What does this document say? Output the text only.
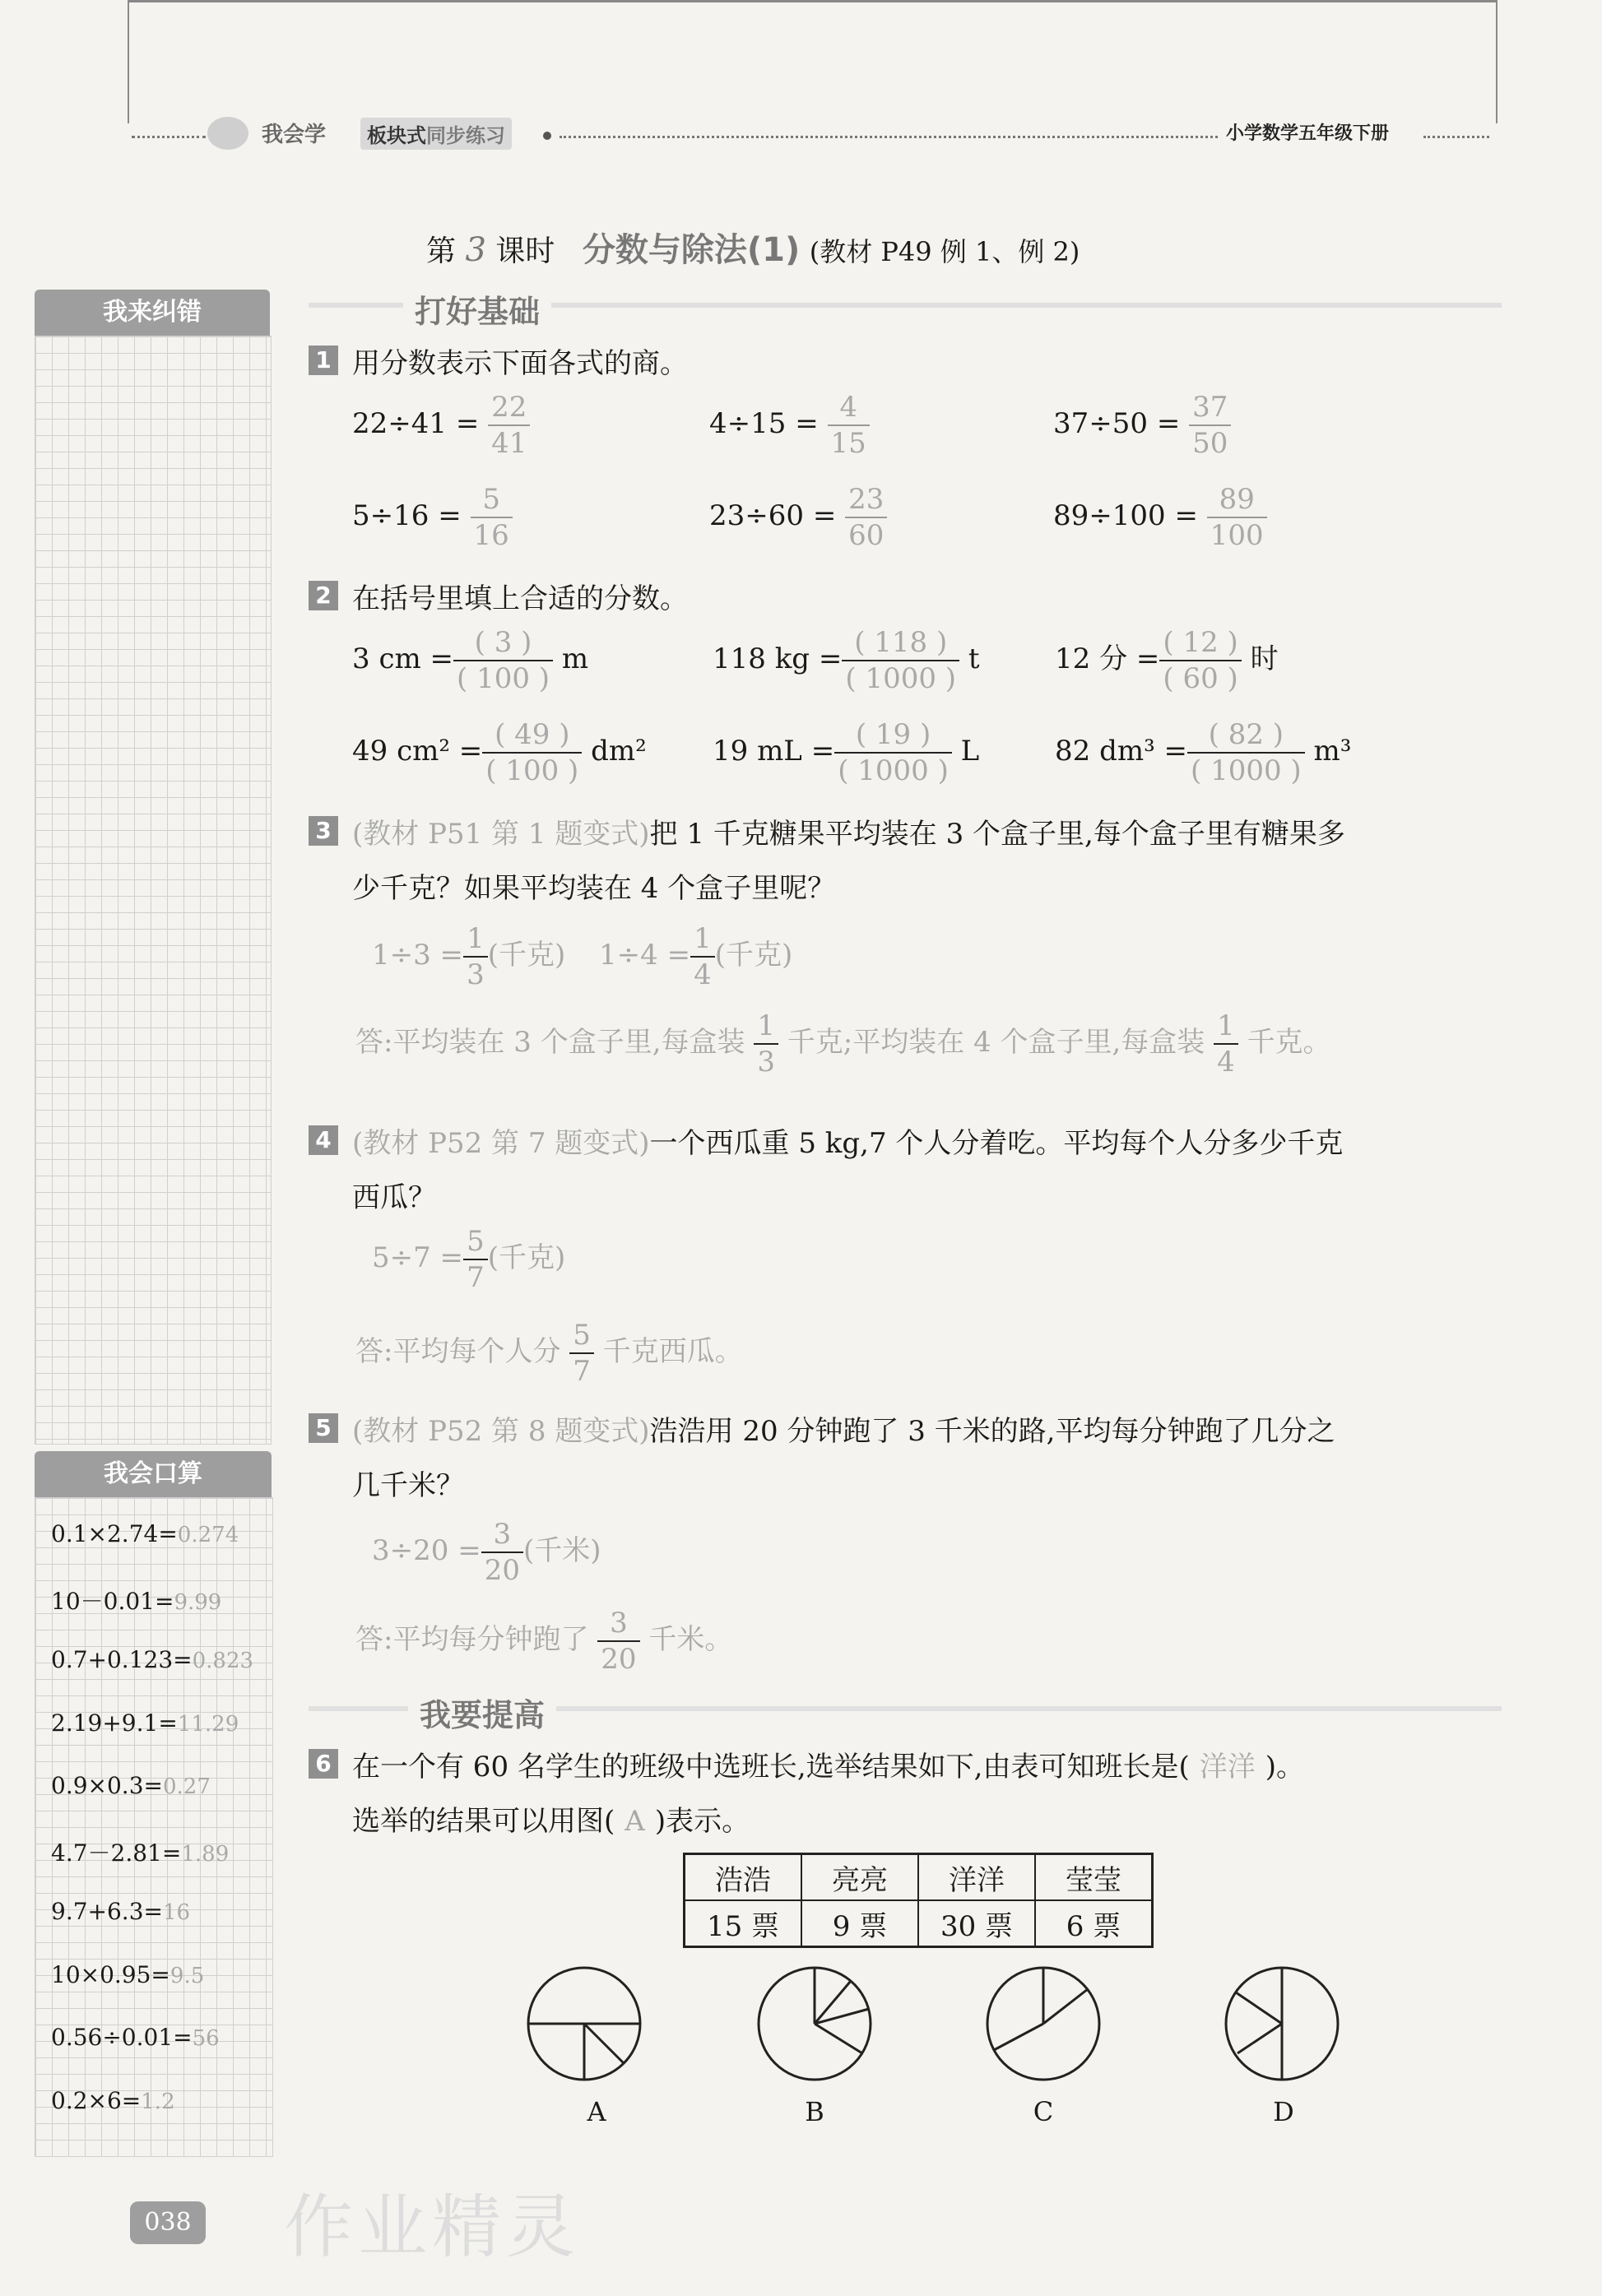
我会学	板块式同步练习	小学数学五年级下册
我来纠错
我会口算
0.1×2.74=0.274
10－0.01=9.99
0.7+0.123=0.823
2.19+9.1=11.29
0.9×0.3=0.27
4.7－2.81=1.89
9.7+6.3=16
10×0.95=9.5
0.56÷0.01=56
0.2×6=1.2
第 3 课时 分数与除法(1) (教材 P49 例 1、例 2)
打好基础
1 用分数表示下面各式的商。
$22\div 41 = \frac{22}{41}$	$4\div 15 = \frac{4}{15}$	$37\div 50 = \frac{37}{50}$
$5\div 16 = \frac{5}{16}$	$23\div 60 = \frac{23}{60}$	$89\div 100 = \frac{89}{100}$
2 在括号里填上合适的分数。
3 cm = $\frac{( 3 )}{( 100 )}$ m	118 kg = $\frac{( 118 )}{( 1000 )}$ t	12 分 = $\frac{( 12 )}{( 60 )}$ 时
49 $cm^2 = \frac{( 49 )}{( 100 )} dm^2$ 19 mL = $\frac{( 19 )}{( 1000 )}$ L	82 $dm^3 = \frac{( 82 )}{( 1000 )} m^3$
3 (教材 P51 第 1 题变式)把 1 千克糖果平均装在 3 个盒子里,每个盒子里有糖果多
少千克？如果平均装在 4 个盒子里呢？
$1\div 3 = \frac{1}{3}$ (千克) $1\div 4 = \frac{1}{4}$ (千克)
答:平均装在 3 个盒子里,每盒装 $\frac{1}{3}$ 千克;平均装在 4 个盒子里,每盒装 $\frac{1}{4}$ 千克。
4 (教材 P52 第 7 题变式)一个西瓜重 5 kg,7 个人分着吃。平均每个人分多少千克
西瓜？
$5\div 7 = \frac{5}{7}$ (千克)
答:平均每个人分 $\frac{5}{7}$ 千克西瓜。
5 (教材 P52 第 8 题变式)浩浩用 20 分钟跑了 3 千米的路,平均每分钟跑了几分之
几千米？
$3\div 20 = \frac{3}{20}$ (千米)
答:平均每分钟跑了 $\frac{3}{20}$ 千米。
我要提高
6 在一个有 60 名学生的班级中选班长,选举结果如下,由表可知班长是( 洋洋 )。
选举的结果可以用图( A )表示。
浩浩	亮亮	洋洋	莹莹
15 票	9 票	30 票	6 票
A	B	C	D
038 作业精灵
